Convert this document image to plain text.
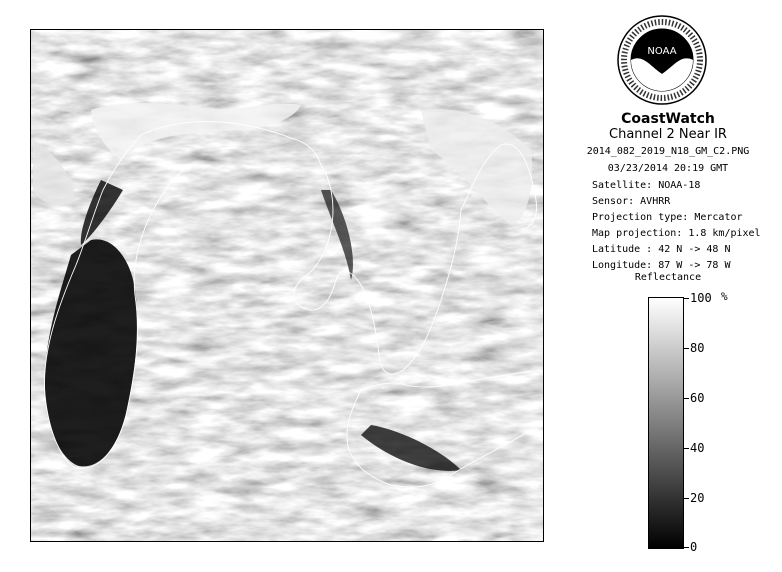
NOAA
CoastWatch
Channel 2 Near IR
2014_082_2019_N18_GM_C2.PNG
03/23/2014 20:19 GMT
Satellite: NOAA-18
Sensor: AVHRR
Projection type: Mercator
Map projection: 1.8 km/pixel
Latitude : 42 N -> 48 N
Longitude: 87 W -> 78 W
Reflectance
%
100
80
60
40
20
0
